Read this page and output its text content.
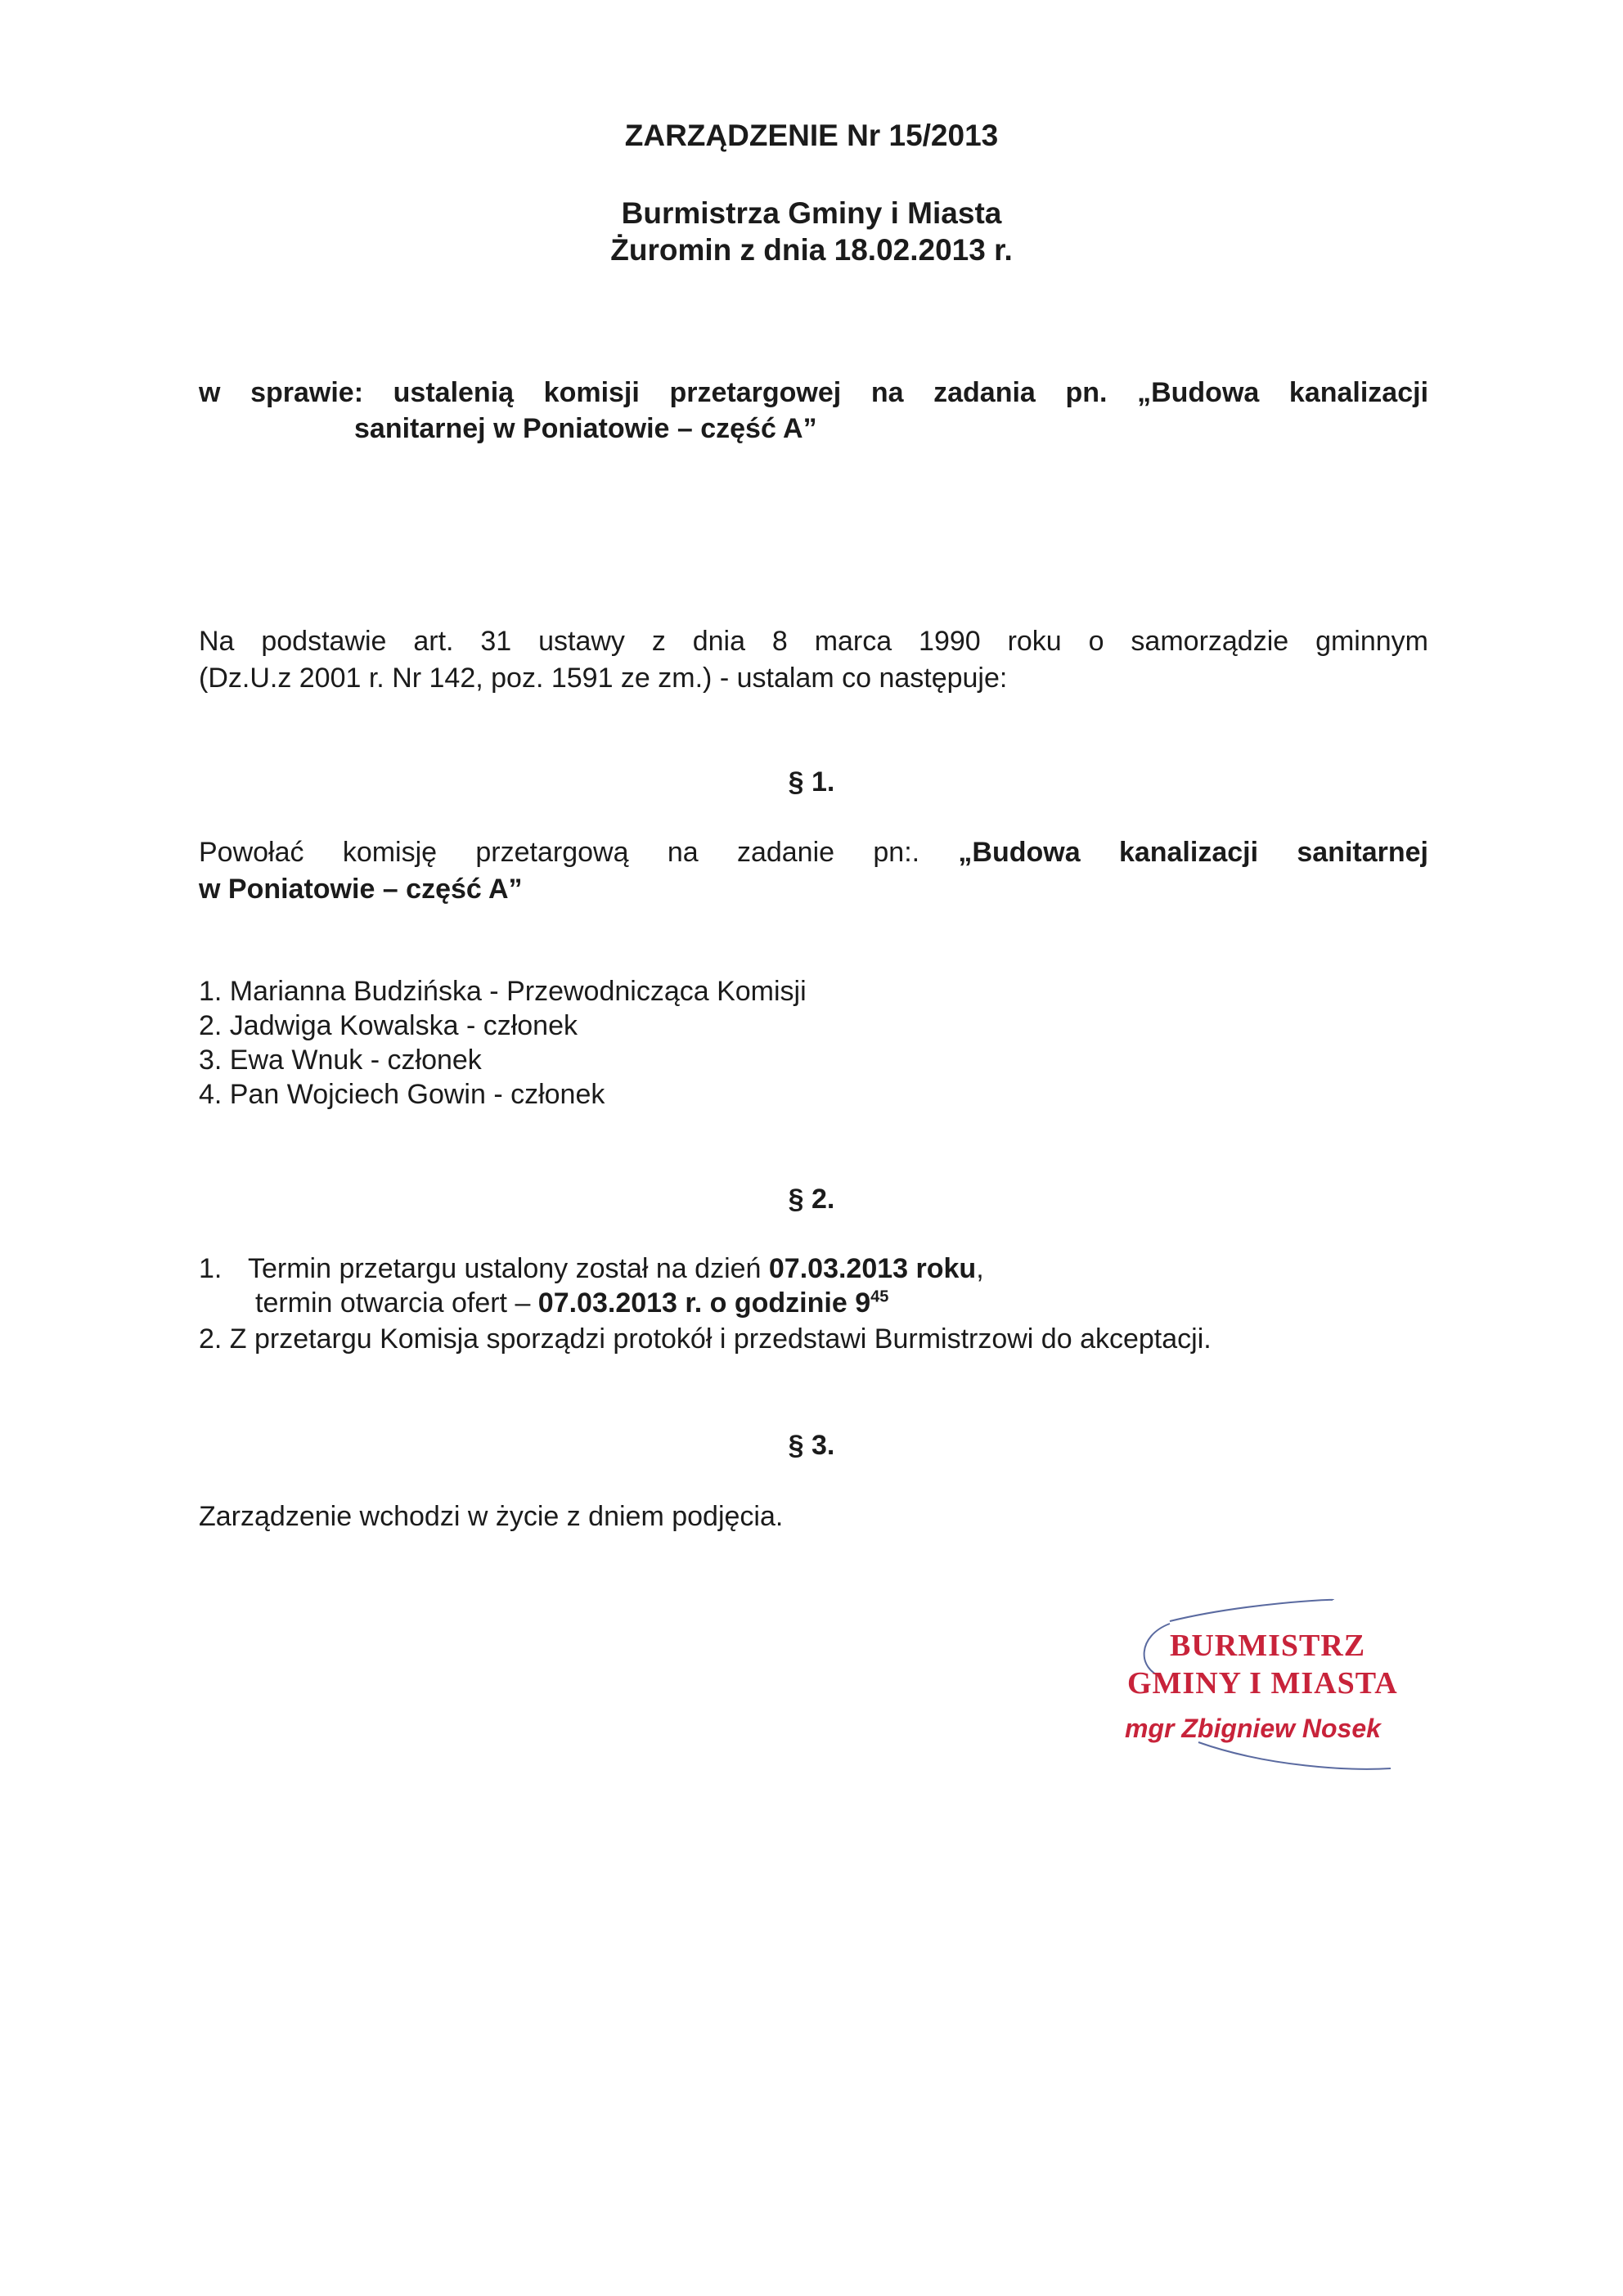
ZARZĄDZENIE Nr 15/2013
Burmistrza Gminy i Miasta
Żuromin z dnia 18.02.2013 r.
w sprawie: ustalenią komisji przetargowej na zadania pn. „Budowa kanalizacji
sanitarnej w Poniatowie – część A”
Na podstawie art. 31 ustawy z dnia 8 marca 1990 roku o samorządzie gminnym
(Dz.U.z 2001 r. Nr 142, poz. 1591 ze zm.) - ustalam co następuje:
§ 1.
Powołać komisję przetargową na zadanie pn:. „Budowa kanalizacji sanitarnej
w Poniatowie – część A”
1. Marianna Budzińska - Przewodnicząca Komisji
2. Jadwiga Kowalska - członek
3. Ewa Wnuk - członek
4. Pan Wojciech Gowin - członek
§ 2.
1. Termin przetargu ustalony został na dzień 07.03.2013 roku,
termin otwarcia ofert – 07.03.2013 r. o godzinie $9^{45}$
2. Z przetargu Komisja sporządzi protokół i przedstawi Burmistrzowi do akceptacji.
§ 3.
Zarządzenie wchodzi w życie z dniem podjęcia.
BURMISTRZ
GMINY I MIASTA
mgr Zbigniew Nosek
